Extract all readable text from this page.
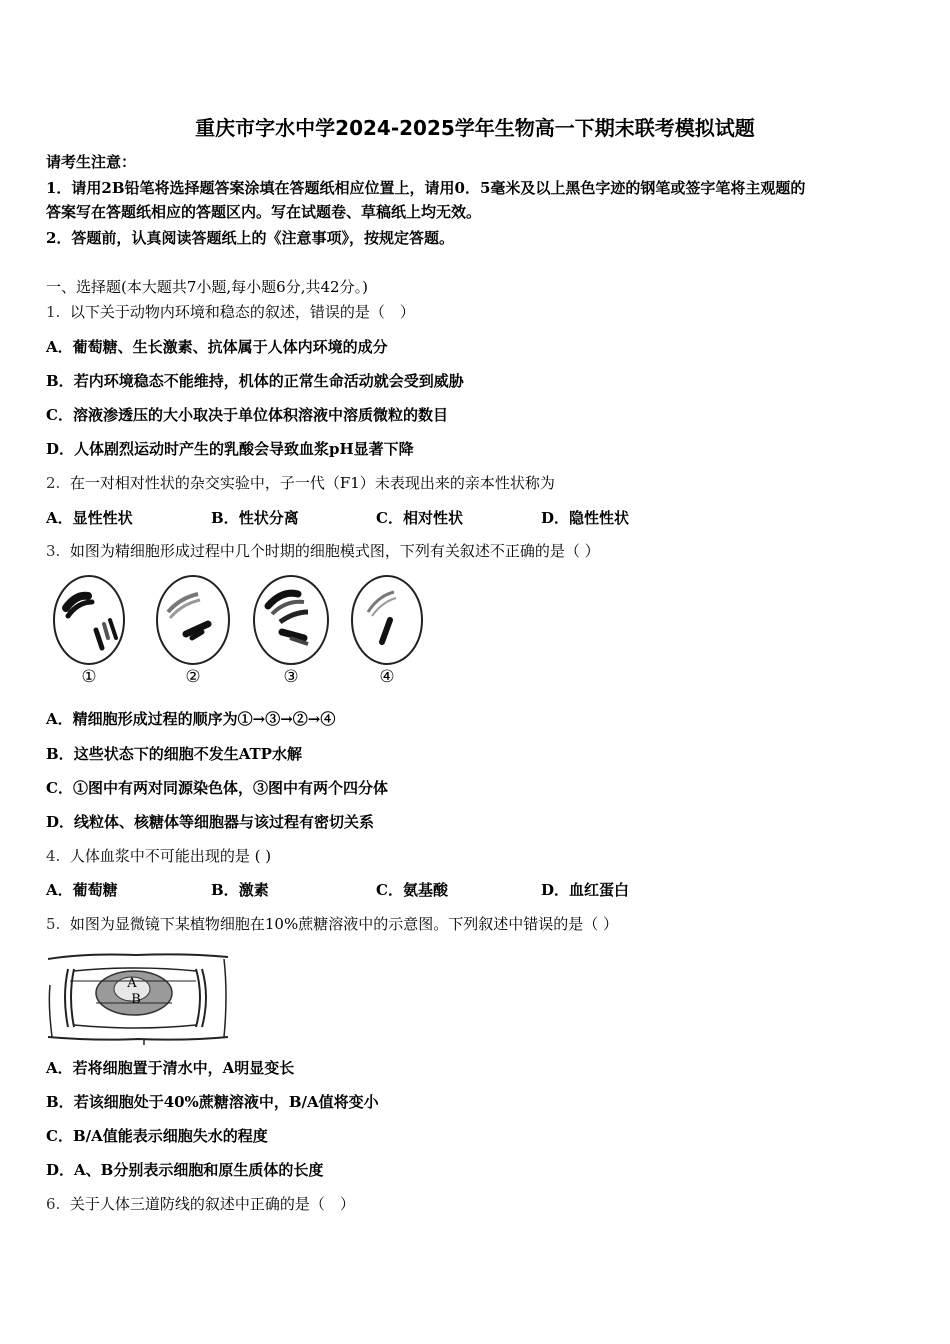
重庆市字水中学2024-2025学年生物高一下期末联考模拟试题
请考生注意：
1．请用2B铅笔将选择题答案涂填在答题纸相应位置上，请用0．5毫米及以上黑色字迹的钢笔或签字笔将主观题的
答案写在答题纸相应的答题区内。写在试题卷、草稿纸上均无效。
2．答题前，认真阅读答题纸上的《注意事项》，按规定答题。
一、选择题(本大题共7小题,每小题6分,共42分。)
1. 以下关于动物内环境和稳态的叙述，错误的是（　）
A．葡萄糖、生长激素、抗体属于人体内环境的成分
B．若内环境稳态不能维持，机体的正常生命活动就会受到威胁
C．溶液渗透压的大小取决于单位体积溶液中溶质微粒的数目
D．人体剧烈运动时产生的乳酸会导致血浆pH显著下降
2. 在一对相对性状的杂交实验中，子一代（F1）未表现出来的亲本性状称为
A．显性性状	B．性状分离	C．相对性状	D．隐性性状
3. 如图为精细胞形成过程中几个时期的细胞模式图，下列有关叙述不正确的是（ ）
①	②	③	④
A．精细胞形成过程的顺序为①→③→②→④
B．这些状态下的细胞不发生ATP水解
C．①图中有两对同源染色体，③图中有两个四分体
D．线粒体、核糖体等细胞器与该过程有密切关系
4. 人体血浆中不可能出现的是 ( )
A．葡萄糖	B．激素	C．氨基酸	D．血红蛋白
5. 如图为显微镜下某植物细胞在10%蔗糖溶液中的示意图。下列叙述中错误的是（ ）
A
B
A．若将细胞置于清水中，A明显变长
B．若该细胞处于40%蔗糖溶液中，B/A值将变小
C．B/A值能表示细胞失水的程度
D．A、B分别表示细胞和原生质体的长度
6. 关于人体三道防线的叙述中正确的是（　）
